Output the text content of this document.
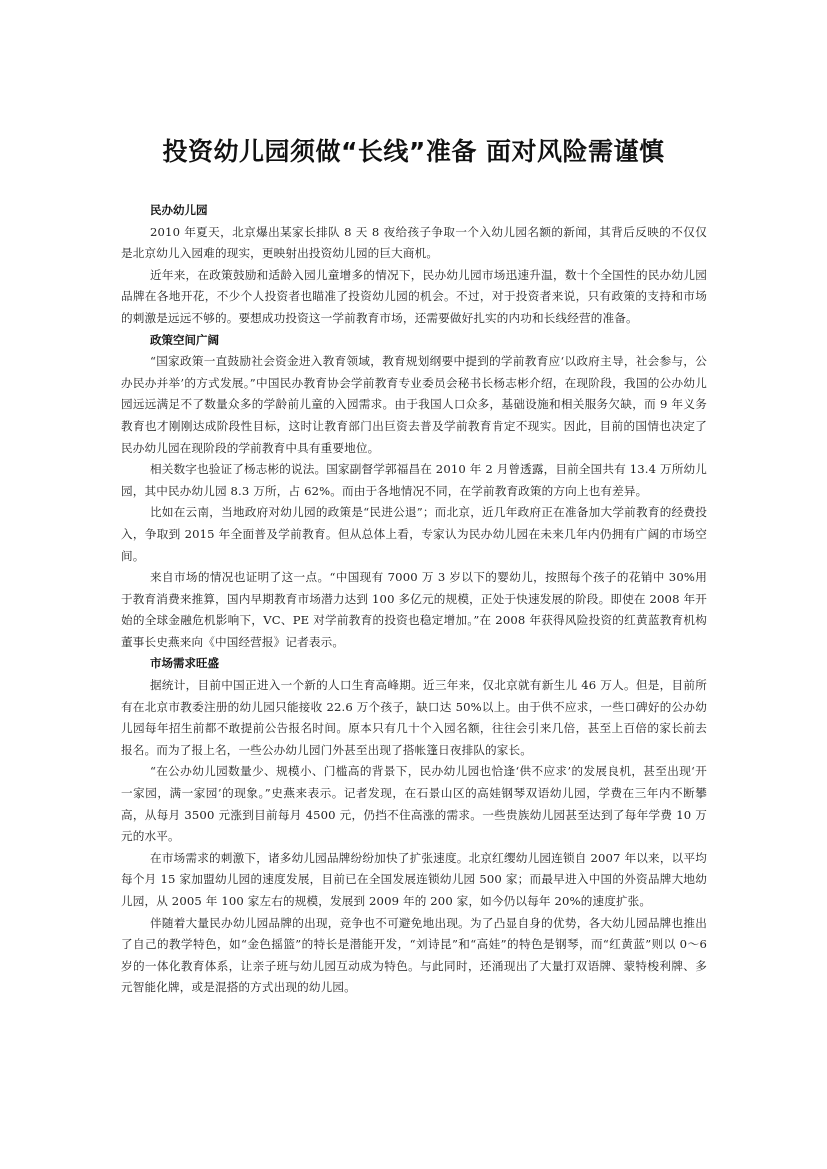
投资幼儿园须做“长线”准备 面对风险需谨慎

民办幼儿园

2010 年夏天，北京爆出某家长排队 8 天 8 夜给孩子争取一个入幼儿园名额的新闻，其背后反映的不仅仅是北京幼儿入园难的现实，更映射出投资幼儿园的巨大商机。

近年来，在政策鼓励和适龄入园儿童增多的情况下，民办幼儿园市场迅速升温，数十个全国性的民办幼儿园品牌在各地开花，不少个人投资者也瞄准了投资幼儿园的机会。不过，对于投资者来说，只有政策的支持和市场的刺激是远远不够的。要想成功投资这一学前教育市场，还需要做好扎实的内功和长线经营的准备。

政策空间广阔

“国家政策一直鼓励社会资金进入教育领域，教育规划纲要中提到的学前教育应‘以政府主导，社会参与，公办民办并举’的方式发展。”中国民办教育协会学前教育专业委员会秘书长杨志彬介绍，在现阶段，我国的公办幼儿园远远满足不了数量众多的学龄前儿童的入园需求。由于我国人口众多，基础设施和相关服务欠缺，而 9 年义务教育也才刚刚达成阶段性目标，这时让教育部门出巨资去普及学前教育肯定不现实。因此，目前的国情也决定了民办幼儿园在现阶段的学前教育中具有重要地位。

相关数字也验证了杨志彬的说法。国家副督学郭福昌在 2010 年 2 月曾透露，目前全国共有 13.4 万所幼儿园，其中民办幼儿园 8.3 万所，占 62%。而由于各地情况不同，在学前教育政策的方向上也有差异。

比如在云南，当地政府对幼儿园的政策是“民进公退”；而北京，近几年政府正在准备加大学前教育的经费投入，争取到 2015 年全面普及学前教育。但从总体上看，专家认为民办幼儿园在未来几年内仍拥有广阔的市场空间。

来自市场的情况也证明了这一点。“中国现有 7000 万 3 岁以下的婴幼儿，按照每个孩子的花销中 30%用于教育消费来推算，国内早期教育市场潜力达到 100 多亿元的规模，正处于快速发展的阶段。即使在 2008 年开始的全球金融危机影响下，VC、PE 对学前教育的投资也稳定增加。”在 2008 年获得风险投资的红黄蓝教育机构董事长史燕来向《中国经营报》记者表示。

市场需求旺盛

据统计，目前中国正进入一个新的人口生育高峰期。近三年来，仅北京就有新生儿 46 万人。但是，目前所有在北京市教委注册的幼儿园只能接收 22.6 万个孩子，缺口达 50%以上。由于供不应求，一些口碑好的公办幼儿园每年招生前都不敢提前公告报名时间。原本只有几十个入园名额，往往会引来几倍，甚至上百倍的家长前去报名。而为了报上名，一些公办幼儿园门外甚至出现了搭帐篷日夜排队的家长。

“在公办幼儿园数量少、规模小、门槛高的背景下，民办幼儿园也恰逢‘供不应求’的发展良机，甚至出现‘开一家园，满一家园’的现象。”史燕来表示。记者发现，在石景山区的高娃钢琴双语幼儿园，学费在三年内不断攀高，从每月 3500 元涨到目前每月 4500 元，仍挡不住高涨的需求。一些贵族幼儿园甚至达到了每年学费 10 万元的水平。

在市场需求的刺激下，诸多幼儿园品牌纷纷加快了扩张速度。北京红缨幼儿园连锁自 2007 年以来，以平均每个月 15 家加盟幼儿园的速度发展，目前已在全国发展连锁幼儿园 500 家；而最早进入中国的外资品牌大地幼儿园，从 2005 年 100 家左右的规模，发展到 2009 年的 200 家，如今仍以每年 20%的速度扩张。

伴随着大量民办幼儿园品牌的出现，竞争也不可避免地出现。为了凸显自身的优势，各大幼儿园品牌也推出了自己的教学特色，如“金色摇篮”的特长是潜能开发，“刘诗昆”和“高娃”的特色是钢琴，而“红黄蓝”则以 0～6 岁的一体化教育体系，让亲子班与幼儿园互动成为特色。与此同时，还涌现出了大量打双语牌、蒙特梭利牌、多元智能化牌，或是混搭的方式出现的幼儿园。
